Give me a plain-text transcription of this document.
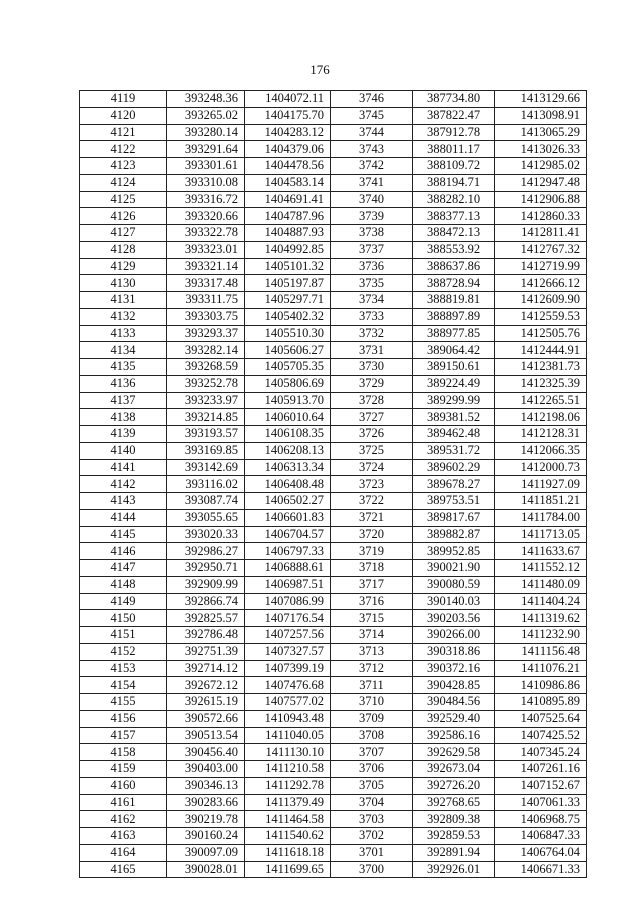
176
4119	393248.36	1404072.11	3746	387734.80	1413129.66
4120	393265.02	1404175.70	3745	387822.47	1413098.91
4121	393280.14	1404283.12	3744	387912.78	1413065.29
4122	393291.64	1404379.06	3743	388011.17	1413026.33
4123	393301.61	1404478.56	3742	388109.72	1412985.02
4124	393310.08	1404583.14	3741	388194.71	1412947.48
4125	393316.72	1404691.41	3740	388282.10	1412906.88
4126	393320.66	1404787.96	3739	388377.13	1412860.33
4127	393322.78	1404887.93	3738	388472.13	1412811.41
4128	393323.01	1404992.85	3737	388553.92	1412767.32
4129	393321.14	1405101.32	3736	388637.86	1412719.99
4130	393317.48	1405197.87	3735	388728.94	1412666.12
4131	393311.75	1405297.71	3734	388819.81	1412609.90
4132	393303.75	1405402.32	3733	388897.89	1412559.53
4133	393293.37	1405510.30	3732	388977.85	1412505.76
4134	393282.14	1405606.27	3731	389064.42	1412444.91
4135	393268.59	1405705.35	3730	389150.61	1412381.73
4136	393252.78	1405806.69	3729	389224.49	1412325.39
4137	393233.97	1405913.70	3728	389299.99	1412265.51
4138	393214.85	1406010.64	3727	389381.52	1412198.06
4139	393193.57	1406108.35	3726	389462.48	1412128.31
4140	393169.85	1406208.13	3725	389531.72	1412066.35
4141	393142.69	1406313.34	3724	389602.29	1412000.73
4142	393116.02	1406408.48	3723	389678.27	1411927.09
4143	393087.74	1406502.27	3722	389753.51	1411851.21
4144	393055.65	1406601.83	3721	389817.67	1411784.00
4145	393020.33	1406704.57	3720	389882.87	1411713.05
4146	392986.27	1406797.33	3719	389952.85	1411633.67
4147	392950.71	1406888.61	3718	390021.90	1411552.12
4148	392909.99	1406987.51	3717	390080.59	1411480.09
4149	392866.74	1407086.99	3716	390140.03	1411404.24
4150	392825.57	1407176.54	3715	390203.56	1411319.62
4151	392786.48	1407257.56	3714	390266.00	1411232.90
4152	392751.39	1407327.57	3713	390318.86	1411156.48
4153	392714.12	1407399.19	3712	390372.16	1411076.21
4154	392672.12	1407476.68	3711	390428.85	1410986.86
4155	392615.19	1407577.02	3710	390484.56	1410895.89
4156	390572.66	1410943.48	3709	392529.40	1407525.64
4157	390513.54	1411040.05	3708	392586.16	1407425.52
4158	390456.40	1411130.10	3707	392629.58	1407345.24
4159	390403.00	1411210.58	3706	392673.04	1407261.16
4160	390346.13	1411292.78	3705	392726.20	1407152.67
4161	390283.66	1411379.49	3704	392768.65	1407061.33
4162	390219.78	1411464.58	3703	392809.38	1406968.75
4163	390160.24	1411540.62	3702	392859.53	1406847.33
4164	390097.09	1411618.18	3701	392891.94	1406764.04
4165	390028.01	1411699.65	3700	392926.01	1406671.33
